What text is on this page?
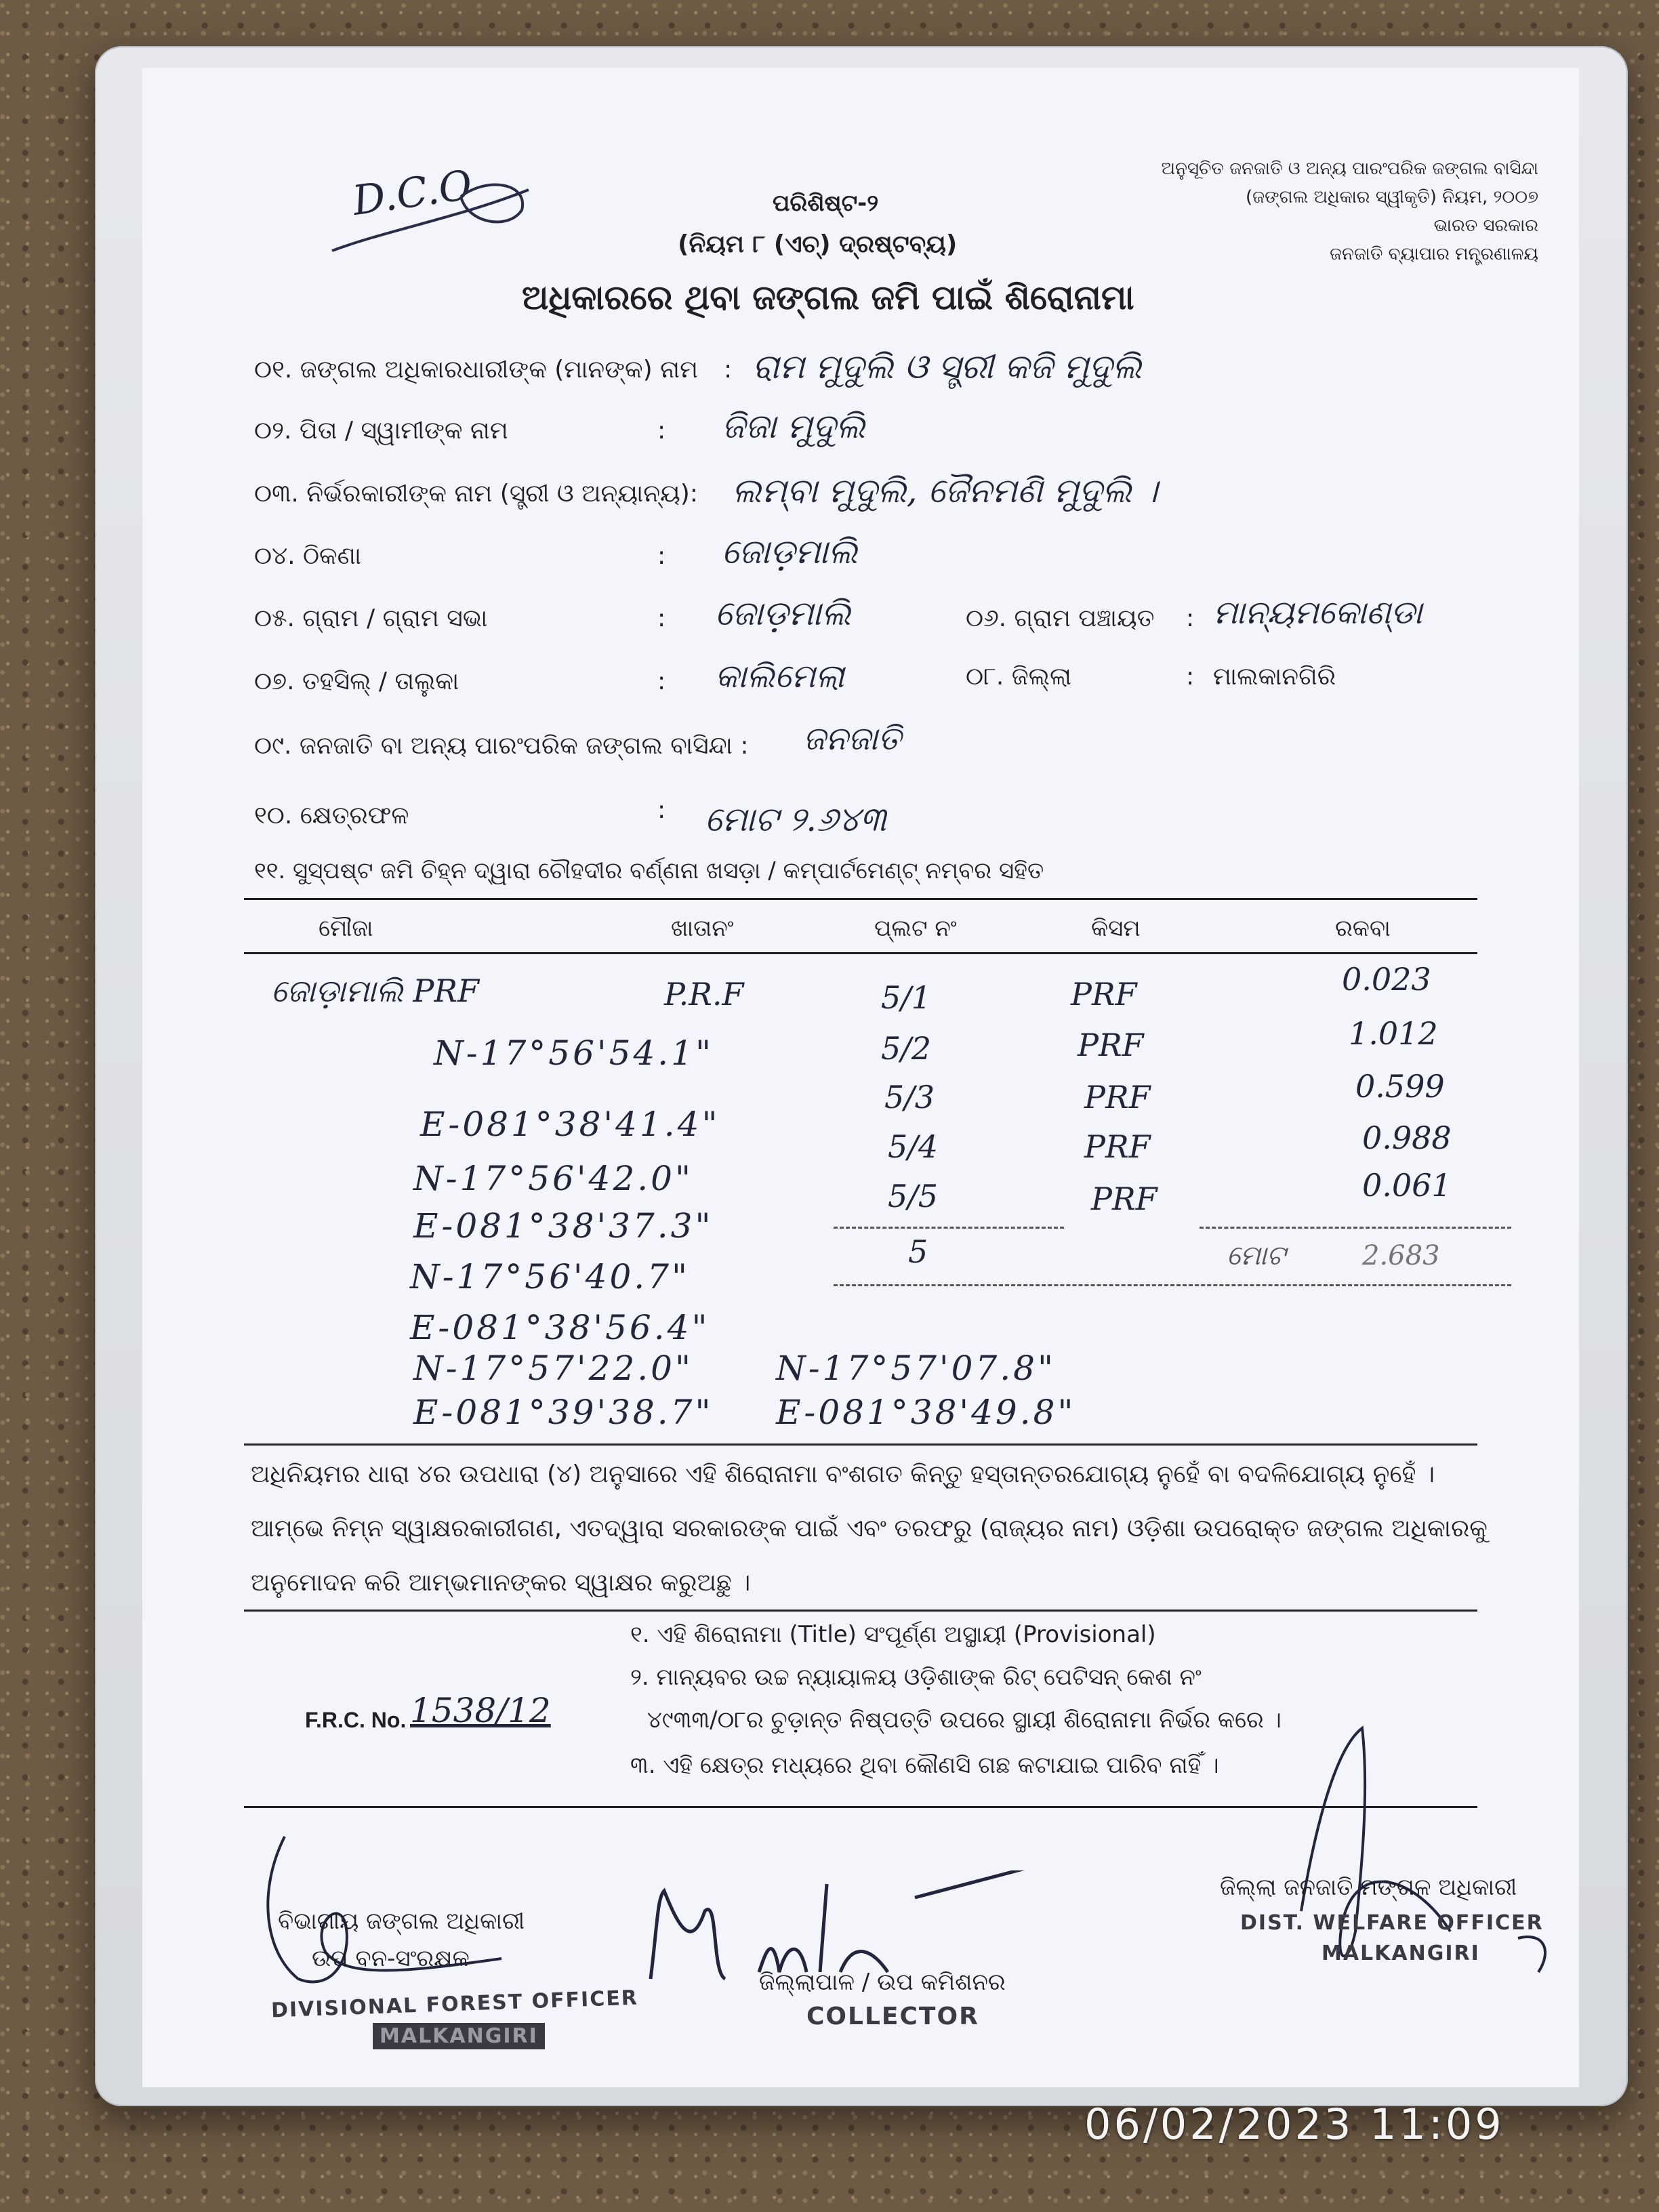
D.C.O	ଅନୁସୂଚିତ ଜନଜାତି ଓ ଅନ୍ୟ ପାରଂପରିକ ଜଙ୍ଗଲ ବାସିନ୍ଦା
(ଜଙ୍ଗଲ ଅଧିକାର ସ୍ୱୀକୃତି) ନିୟମ, ୨୦୦୭
ଭାରତ ସରକାର
ଜନଜାତି ବ୍ୟାପାର ମନ୍ତ୍ରଣାଳୟ
ପରିଶିଷ୍ଟ-୨
(ନିୟମ ୮ (ଏଚ୍) ଦ୍ରଷ୍ଟବ୍ୟ)
ଅଧିକାରରେ ଥିବା ଜଙ୍ଗଲ ଜମି ପାଇଁ ଶିରୋନାମା
୦୧. ଜଙ୍ଗଲ ଅଧିକାରଧାରୀଙ୍କ (ମାନଙ୍କ) ନାମ : ରାମ ମୁଦୁଲି ଓ ସ୍ତ୍ରୀ କଜି ମୁଦୁଲି
୦୨. ପିତା / ସ୍ୱାମୀଙ୍କ ନାମ	: ଜିଜା ମୁଦୁଲି
୦୩. ନିର୍ଭରକାରୀଙ୍କ ନାମ (ସ୍ତ୍ରୀ ଓ ଅନ୍ୟାନ୍ୟ): ଲମ୍ବା ମୁଦୁଲି, ଜୈନମଣି ମୁଦୁଲି ।
୦୪. ଠିକଣା	: ଜୋଡ଼ମାଲି
୦୫. ଗ୍ରାମ / ଗ୍ରାମ ସଭା	: ଜୋଡ଼ମାଲି	୦୬. ଗ୍ରାମ ପଞ୍ଚାୟତ : ମାନ୍ୟମକୋଣ୍ଡା
୦୭. ତହସିଲ୍ / ତାଲୁକା	: କାଲିମେଲା	୦୮. ଜିଲ୍ଲା	: ମାଲକାନଗିରି
୦୯. ଜନଜାତି ବା ଅନ୍ୟ ପାରଂପରିକ ଜଙ୍ଗଲ ବାସିନ୍ଦା : ଜନଜାତି
୧୦. କ୍ଷେତ୍ରଫଳ	: ମୋଟ ୨.୬୪୩
୧୧. ସୁସ୍ପଷ୍ଟ ଜମି ଚିହ୍ନ ଦ୍ୱାରା ଚୌହଦୀର ବର୍ଣ୍ଣନା ଖସଡ଼ା / କମ୍ପାର୍ଟମେଣ୍ଟ୍ ନମ୍ବର ସହିତ
ମୌଜା	ଖାତାନଂ	ପ୍ଲଟ ନଂ	କିସମ	ରକବା
ଜୋଡ଼ାମାଲି PRF	P.R.F	5/1	PRF	0.023
5/2	PRF	1.012
5/3	PRF	0.599
5/4	PRF	0.988
5/5	PRF	0.061
5	ମୋଟ	2.683
N-17°56'54.1"
E-081°38'41.4"
N-17°56'42.0"
E-081°38'37.3"
N-17°56'40.7"
E-081°38'56.4"
N-17°57'22.0"
E-081°39'38.7"
N-17°57'07.8"
E-081°38'49.8"
ଅଧିନିୟମର ଧାରା ୪ର ଉପଧାରା (୪) ଅନୁସାରେ ଏହି ଶିରୋନାମା ବଂଶଗତ କିନ୍ତୁ ହସ୍ତାନ୍ତରଯୋଗ୍ୟ ନୁହେଁ ବା ବଦଳିଯୋଗ୍ୟ ନୁହେଁ ।
ଆମ୍ଭେ ନିମ୍ନ ସ୍ୱାକ୍ଷରକାରୀଗଣ, ଏତଦ୍ୱାରା ସରକାରଙ୍କ ପାଇଁ ଏବଂ ତରଫରୁ (ରାଜ୍ୟର ନାମ) ଓଡ଼ିଶା ଉପରୋକ୍ତ ଜଙ୍ଗଲ ଅଧିକାରକୁ
ଅନୁମୋଦନ କରି ଆମ୍ଭମାନଙ୍କର ସ୍ୱାକ୍ଷର କରୁଅଛୁ ।
୧. ଏହି ଶିରୋନାମା (Title) ସଂପୂର୍ଣ୍ଣ ଅସ୍ଥାୟୀ (Provisional)
୨. ମାନ୍ୟବର ଉଚ୍ଚ ନ୍ୟାୟାଳୟ ଓଡ଼ିଶାଙ୍କ ରିଟ୍ ପେଟିସନ୍ କେଶ ନଂ
୪୯୩୩/୦୮ର ଚୁଡ଼ାନ୍ତ ନିଷ୍ପତ୍ତି ଉପରେ ସ୍ଥାୟୀ ଶିରୋନାମା ନିର୍ଭର କରେ ।
୩. ଏହି କ୍ଷେତ୍ର ମଧ୍ୟରେ ଥିବା କୌଣସି ଗଛ କଟାଯାଇ ପାରିବ ନାହିଁ ।
F.R.C. No. 1538/12
ବିଭାଗୀୟ ଜଙ୍ଗଲ ଅଧିକାରୀ
ଉପ ବନ-ସଂରକ୍ଷକ
DIVISIONAL FOREST OFFICER
MALKANGIRI
ଜିଲ୍ଲାପାଳ / ଉପ କମିଶନର
COLLECTOR
ଜିଲ୍ଲା ଜନଜାତି ମଙ୍ଗଳ ଅଧିକାରୀ
DIST. WELFARE OFFICER
MALKANGIRI
06/02/2023 11:09
